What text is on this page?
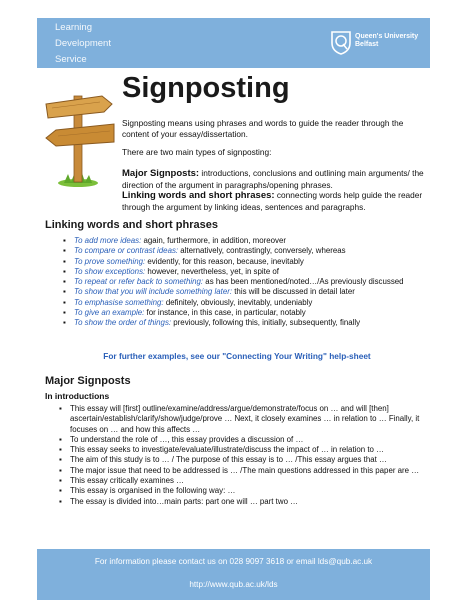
Learning
Development
Service
Queen's University
Belfast
Signposting

Signposting means using phrases and words to guide the reader through the content of your essay/dissertation.

There are two main types of signposting:

Major Signposts: introductions, conclusions and outlining main arguments/ the direction of the argument in paragraphs/opening phrases.
Linking words and short phrases: connecting words help guide the reader through the argument by linking ideas, sentences and paragraphs.
Linking words and short phrases
▪ To add more ideas: again, furthermore, in addition, moreover
▪ To compare or contrast ideas: alternatively, contrastingly, conversely, whereas
▪ To prove something: evidently, for this reason, because, inevitably
▪ To show exceptions: however, nevertheless, yet, in spite of
▪ To repeat or refer back to something: as has been mentioned/noted…/As previously discussed
▪ To show that you will include something later: this will be discussed in detail later
▪ To emphasise something: definitely, obviously, inevitably, undeniably
▪ To give an example: for instance, in this case, in particular, notably
▪ To show the order of things: previously, following this, initially, subsequently, finally
For further examples, see our "Connecting Your Writing" help-sheet
Major Signposts
In introductions
▪ This essay will [first] outline/examine/address/argue/demonstrate/focus on … and will [then] ascertain/establish/clarify/show/judge/prove … Next, it closely examines … in relation to … Finally, it focuses on … and how this affects …
▪ To understand the role of …, this essay provides a discussion of …
▪ This essay seeks to investigate/evaluate/illustrate/discuss the impact of … in relation to …
▪ The aim of this study is to … / The purpose of this essay is to … /This essay argues that …
▪ The major issue that need to be addressed is … /The main questions addressed in this paper are …
▪ This essay critically examines …
▪ This essay is organised in the following way: …
▪ The essay is divided into…main parts: part one will … part two …
For information please contact us on 028 9097 3618 or email lds@qub.ac.uk
http://www.qub.ac.uk/lds
